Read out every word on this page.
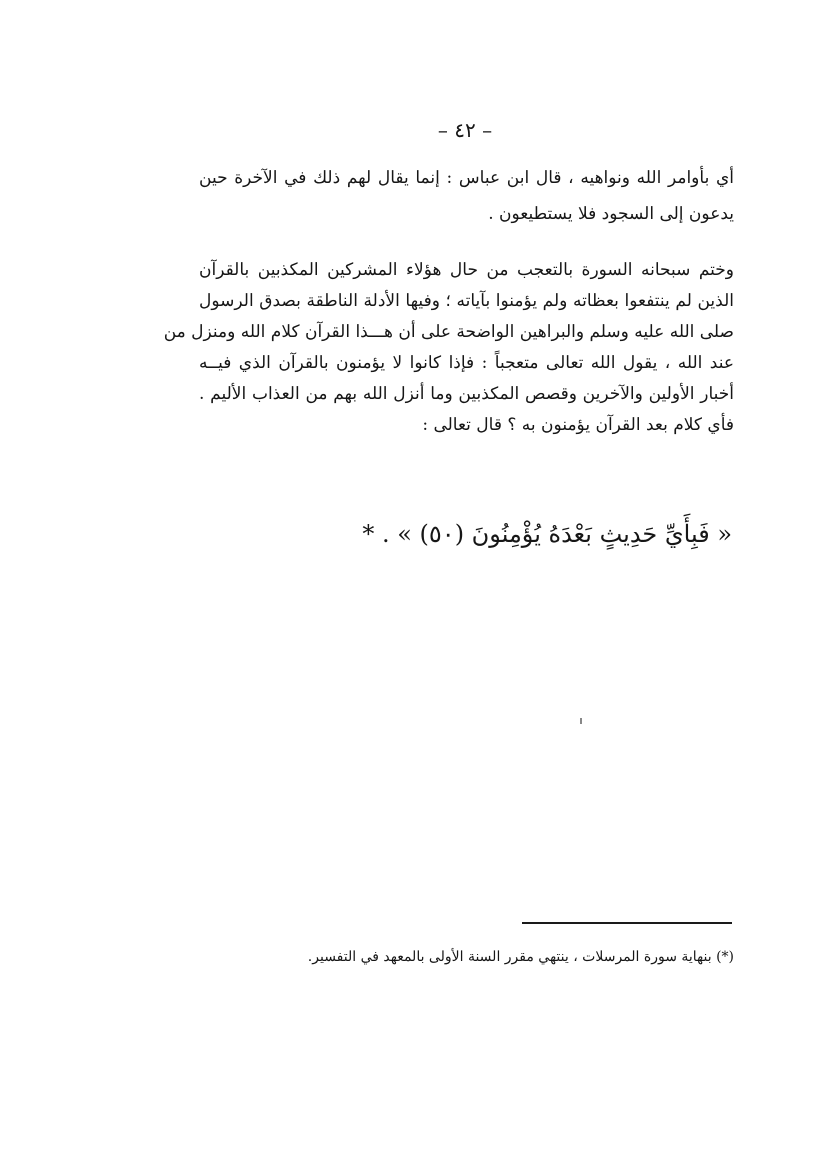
– ٤٢ –
أي بأوامر الله ونواهيه ، قال ابن عباس : إنما يقال لهم ذلك في الآخرة حين
يدعون إلى السجود فلا يستطيعون .
وختم سبحانه السورة بالتعجب من حال هؤلاء المشركين المكذبين بالقرآن
الذين لم ينتفعوا بعظاته ولم يؤمنوا بآياته ؛ وفيها الأدلة الناطقة بصدق الرسول
صلى الله عليه وسلم والبراهين الواضحة على أن هـــذا القرآن كلام الله ومنزل من
عند الله ، يقول الله تعالى متعجباً : فإذا كانوا لا يؤمنون بالقرآن الذي فيــه
أخبار الأولين والآخرين وقصص المكذبين وما أنزل الله بهم من العذاب الأليم .
فأي كلام بعد القرآن يؤمنون به ؟ قال تعالى :
« فَبِأَيِّ حَدِيثٍ بَعْدَهُ يُؤْمِنُونَ (٥٠) » . *
(*) بنهاية سورة المرسلات ، ينتهي مقرر السنة الأولى بالمعهد في التفسير.
